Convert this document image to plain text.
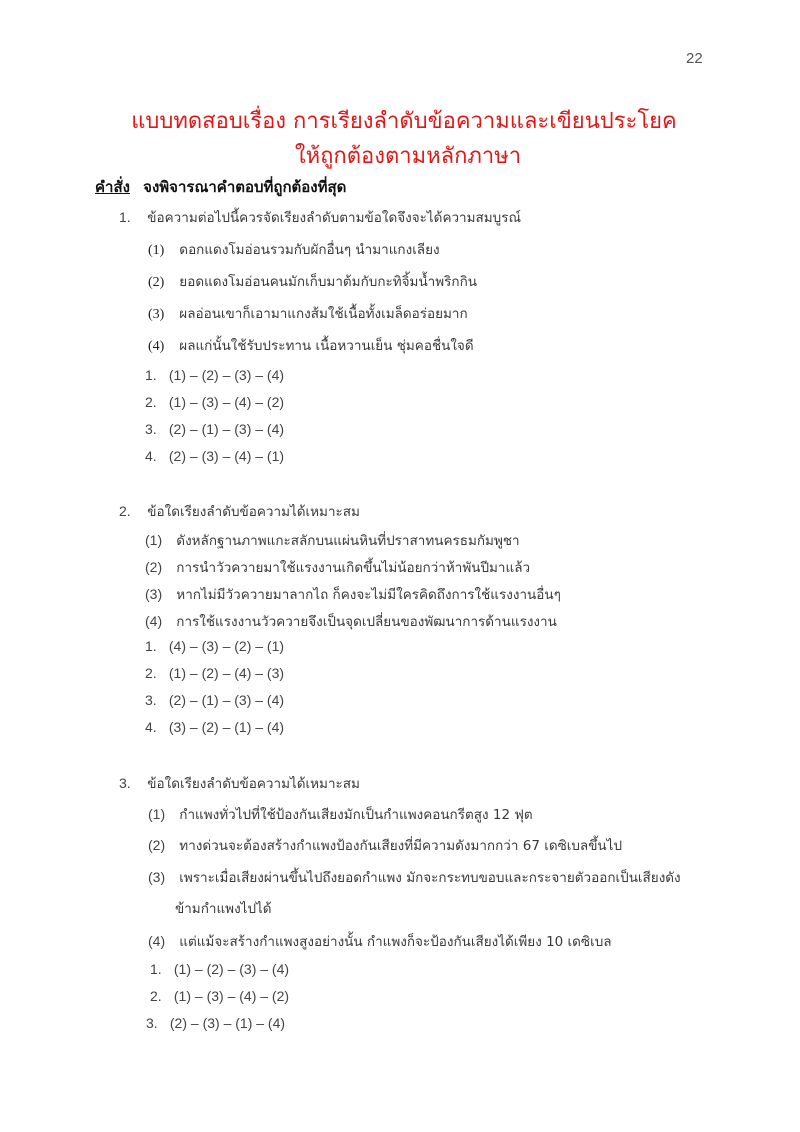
22
แบบทดสอบเรื่อง การเรียงลำดับข้อความและเขียนประโยค
ให้ถูกต้องตามหลักภาษา
คำสั่ง จงพิจารณาคำตอบที่ถูกต้องที่สุด
1. ข้อความต่อไปนี้ควรจัดเรียงลำดับตามข้อใดจึงจะได้ความสมบูรณ์
(1) ดอกแดงโมอ่อนรวมกับผักอื่นๆ นำมาแกงเลียง
(2) ยอดแดงโมอ่อนคนมักเก็บมาต้มกับกะทิจิ้มน้ำพริกกิน
(3) ผลอ่อนเขาก็เอามาแกงส้มใช้เนื้อทั้งเมล็ดอร่อยมาก
(4) ผลแก่นั้นใช้รับประทาน เนื้อหวานเย็น ชุ่มคอชื่นใจดี
1. (1) – (2) – (3) – (4)
2. (1) – (3) – (4) – (2)
3. (2) – (1) – (3) – (4)
4. (2) – (3) – (4) – (1)
2. ข้อใดเรียงลำดับข้อความได้เหมาะสม
(1) ดังหลักฐานภาพแกะสลักบนแผ่นหินที่ปราสาทนครธมกัมพูชา
(2) การนำวัวควายมาใช้แรงงานเกิดขึ้นไม่น้อยกว่าห้าพันปีมาแล้ว
(3) หากไม่มีวัวควายมาลากไถ ก็คงจะไม่มีใครคิดถึงการใช้แรงงานอื่นๆ
(4) การใช้แรงงานวัวควายจึงเป็นจุดเปลี่ยนของพัฒนาการด้านแรงงาน
1. (4) – (3) – (2) – (1)
2. (1) – (2) – (4) – (3)
3. (2) – (1) – (3) – (4)
4. (3) – (2) – (1) – (4)
3. ข้อใดเรียงลำดับข้อความได้เหมาะสม
(1) กำแพงทั่วไปที่ใช้ป้องกันเสียงมักเป็นกำแพงคอนกรีตสูง 12 ฟุต
(2) ทางด่วนจะต้องสร้างกำแพงป้องกันเสียงที่มีความดังมากกว่า 67 เดซิเบลขึ้นไป
(3) เพราะเมื่อเสียงผ่านขึ้นไปถึงยอดกำแพง มักจะกระทบขอบและกระจายตัวออกเป็นเสียงดัง
ข้ามกำแพงไปได้
(4) แต่แม้จะสร้างกำแพงสูงอย่างนั้น กำแพงก็จะป้องกันเสียงได้เพียง 10 เดซิเบล
1. (1) – (2) – (3) – (4)
2. (1) – (3) – (4) – (2)
3. (2) – (3) – (1) – (4)
